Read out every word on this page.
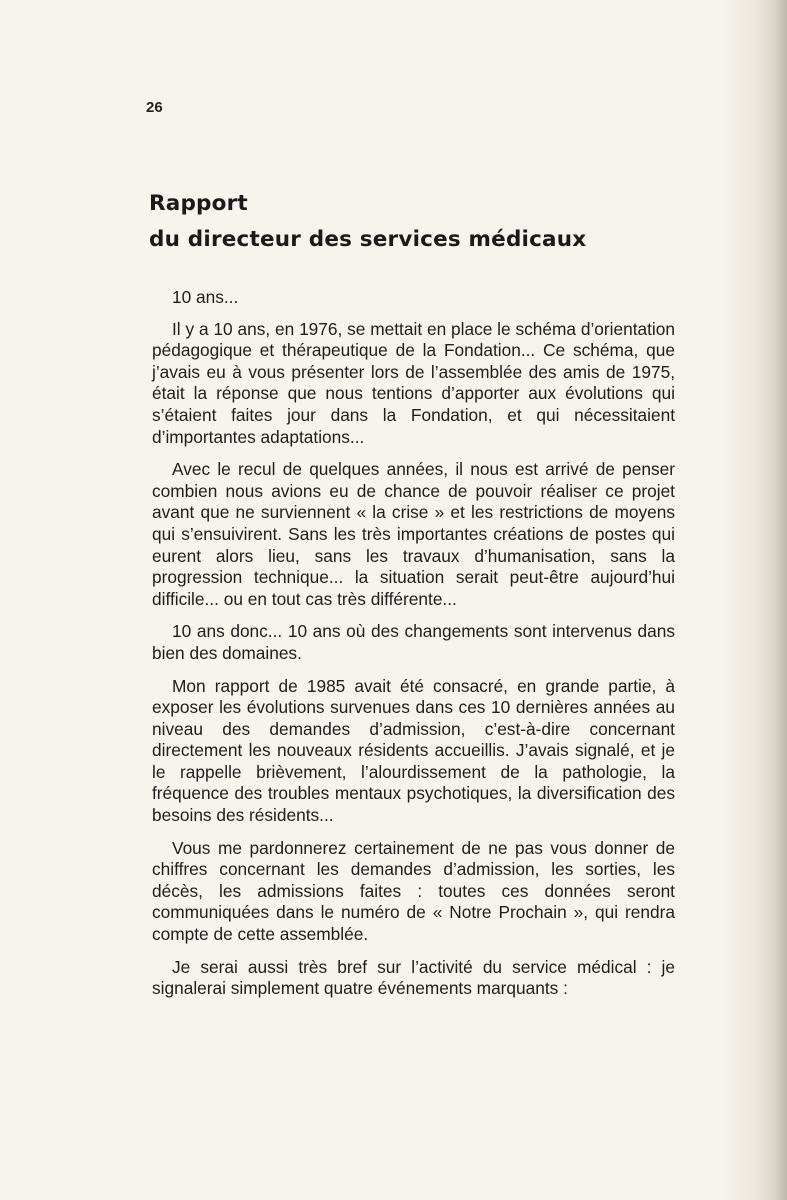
26
Rapport
du directeur des services médicaux

10 ans...

Il y a 10 ans, en 1976, se mettait en place le schéma d’orientation pédagogique et thérapeutique de la Fondation... Ce schéma, que j’avais eu à vous présenter lors de l’assemblée des amis de 1975, était la réponse que nous tentions d’apporter aux évolutions qui s’étaient faites jour dans la Fondation, et qui nécessitaient d’importantes adaptations...

Avec le recul de quelques années, il nous est arrivé de penser combien nous avions eu de chance de pouvoir réaliser ce projet avant que ne surviennent « la crise » et les restrictions de moyens qui s’ensuivirent. Sans les très importantes créations de postes qui eurent alors lieu, sans les travaux d’humanisation, sans la progression technique... la situation serait peut-être aujourd’hui difficile... ou en tout cas très différente...

10 ans donc... 10 ans où des changements sont intervenus dans bien des domaines.

Mon rapport de 1985 avait été consacré, en grande partie, à exposer les évolutions survenues dans ces 10 dernières années au niveau des demandes d’admission, c’est-à-dire concernant directement les nouveaux résidents accueillis. J’avais signalé, et je le rappelle brièvement, l’alourdissement de la pathologie, la fréquence des troubles mentaux psychotiques, la diversification des besoins des résidents...

Vous me pardonnerez certainement de ne pas vous donner de chiffres concernant les demandes d’admission, les sorties, les décès, les admissions faites : toutes ces données seront communiquées dans le numéro de « Notre Prochain », qui rendra compte de cette assemblée.

Je serai aussi très bref sur l’activité du service médical : je signalerai simplement quatre événements marquants :
